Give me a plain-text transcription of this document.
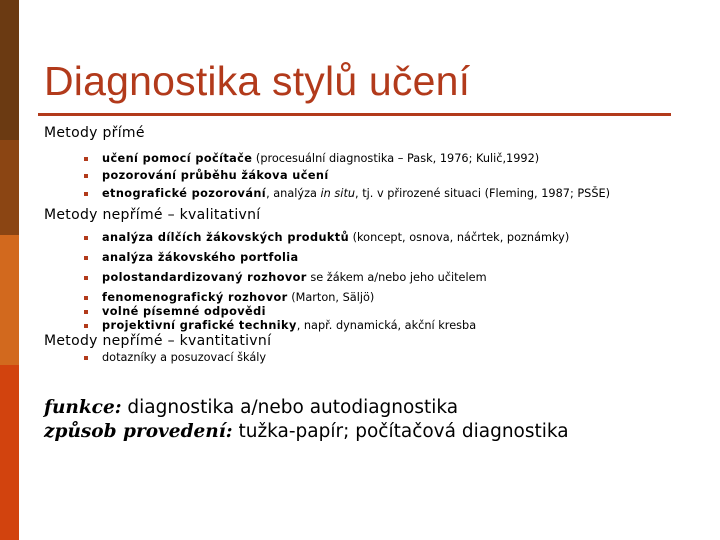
Diagnostika stylů učení
Metody přímé
učení pomocí počítače (procesuální diagnostika – Pask, 1976; Kulič,1992)
pozorování průběhu žákova učení
etnografické pozorování, analýza in situ, tj. v přirozené situaci (Fleming, 1987; PSŠE)
Metody nepřímé – kvalitativní
analýza dílčích žákovských produktů (koncept, osnova, náčrtek, poznámky)
analýza žákovského portfolia
polostandardizovaný rozhovor se žákem a/nebo jeho učitelem
fenomenografický rozhovor (Marton, Säljö)
volné písemné odpovědi
projektivní grafické techniky, např. dynamická, akční kresba
Metody nepřímé – kvantitativní
dotazníky a posuzovací škály
funkce: diagnostika a/nebo autodiagnostika
způsob provedení: tužka-papír; počítačová diagnostika
